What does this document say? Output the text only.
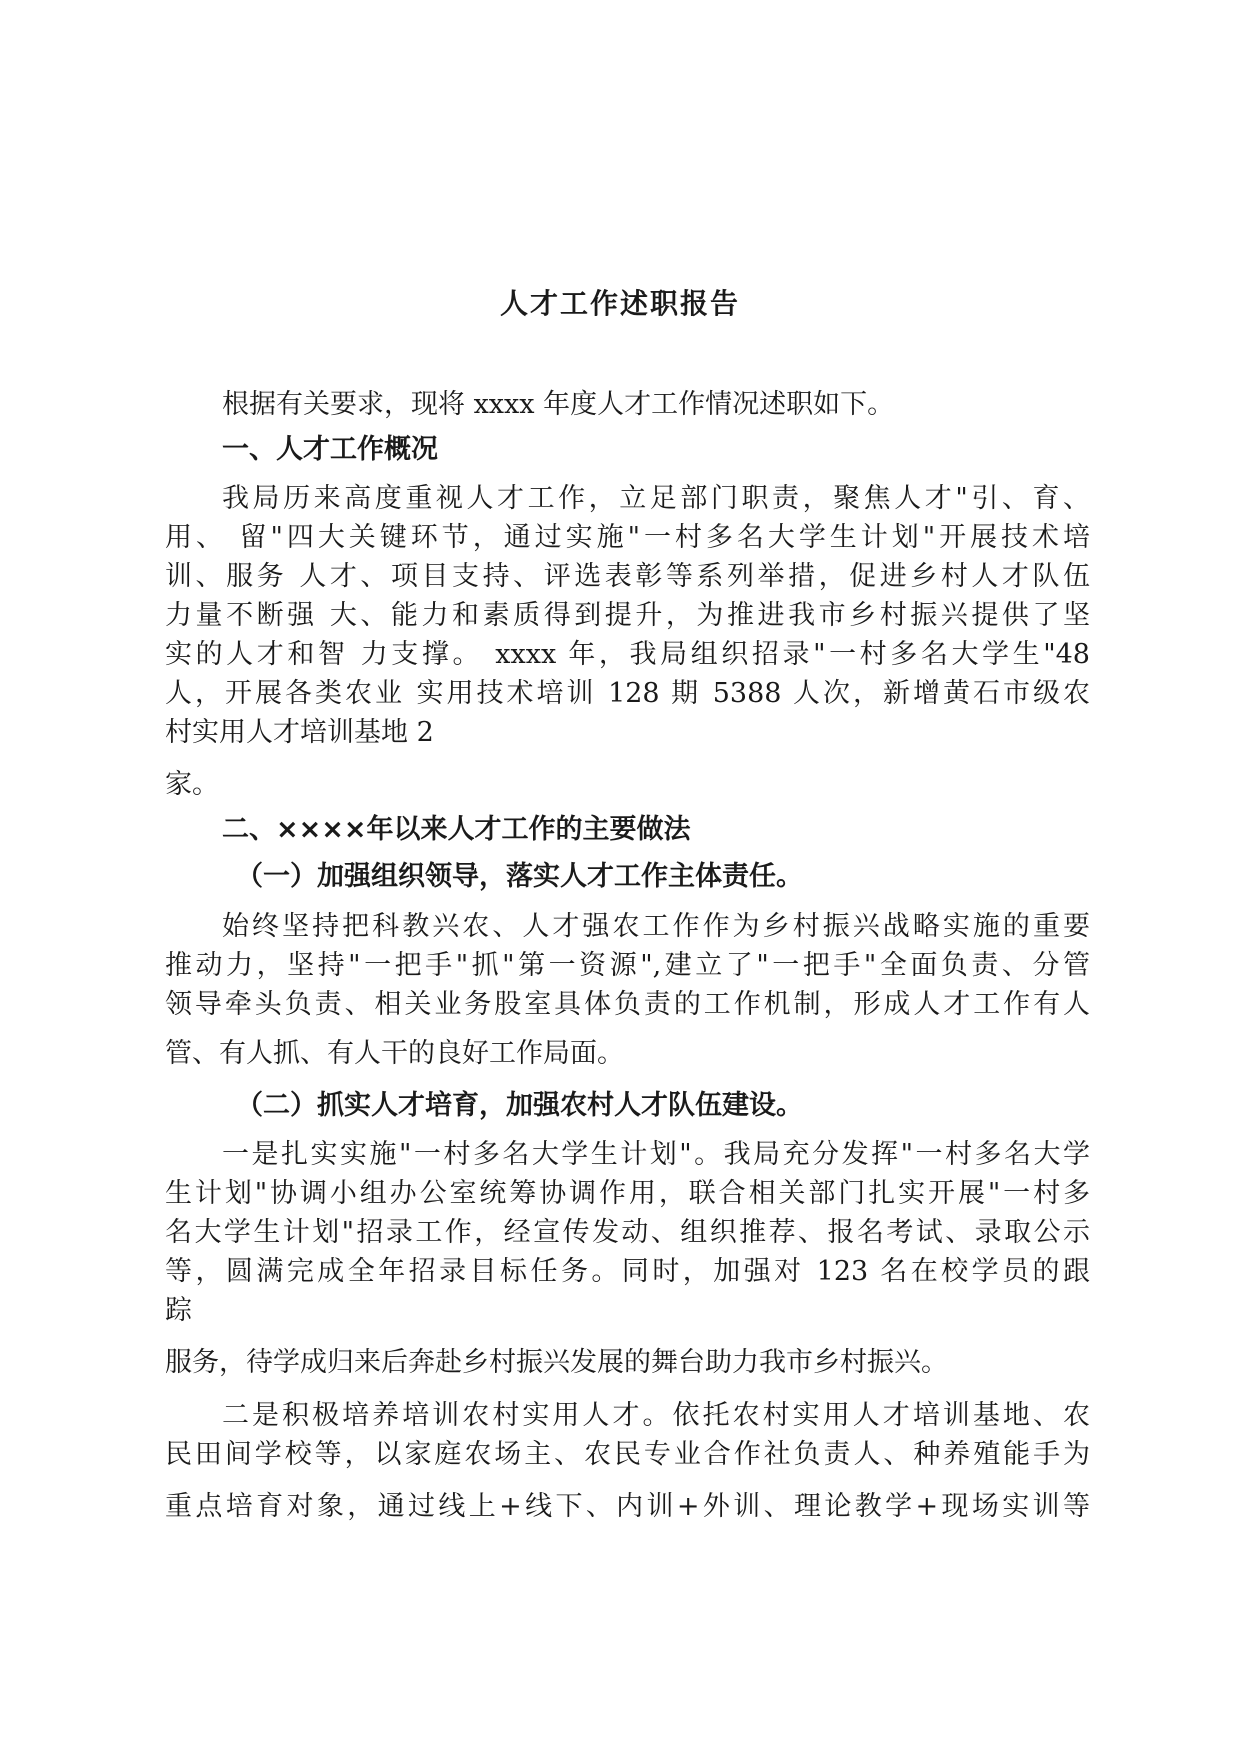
人才工作述职报告
根据有关要求，现将 xxxx 年度人才工作情况述职如下。
一、人才工作概况
我局历来高度重视人才工作，立足部门职责，聚焦人才"引、育、
用、 留"四大关键环节，通过实施"一村多名大学生计划"开展技术培
训、服务 人才、项目支持、评选表彰等系列举措，促进乡村人才队伍
力量不断强 大、能力和素质得到提升，为推进我市乡村振兴提供了坚
实的人才和智 力支撑。 xxxx 年，我局组织招录"一村多名大学生"48
人，开展各类农业 实用技术培训 128 期 5388 人次，新增黄石市级农
村实用人才培训基地 2
家。
二、××××年以来人才工作的主要做法
（一）加强组织领导，落实人才工作主体责任。
始终坚持把科教兴农、人才强农工作作为乡村振兴战略实施的重要
推动力，坚持"一把手"抓"第一资源",建立了"一把手"全面负责、分管
领导牵头负责、相关业务股室具体负责的工作机制，形成人才工作有人
管、有人抓、有人干的良好工作局面。
（二）抓实人才培育，加强农村人才队伍建设。
一是扎实实施"一村多名大学生计划"。我局充分发挥"一村多名大学
生计划"协调小组办公室统筹协调作用，联合相关部门扎实开展"一村多
名大学生计划"招录工作，经宣传发动、组织推荐、报名考试、录取公示
等，圆满完成全年招录目标任务。同时，加强对 123 名在校学员的跟
踪
服务，待学成归来后奔赴乡村振兴发展的舞台助力我市乡村振兴。
二是积极培养培训农村实用人才。依托农村实用人才培训基地、农
民田间学校等，以家庭农场主、农民专业合作社负责人、种养殖能手为
重点培育对象，通过线上+线下、内训+外训、理论教学+现场实训等
